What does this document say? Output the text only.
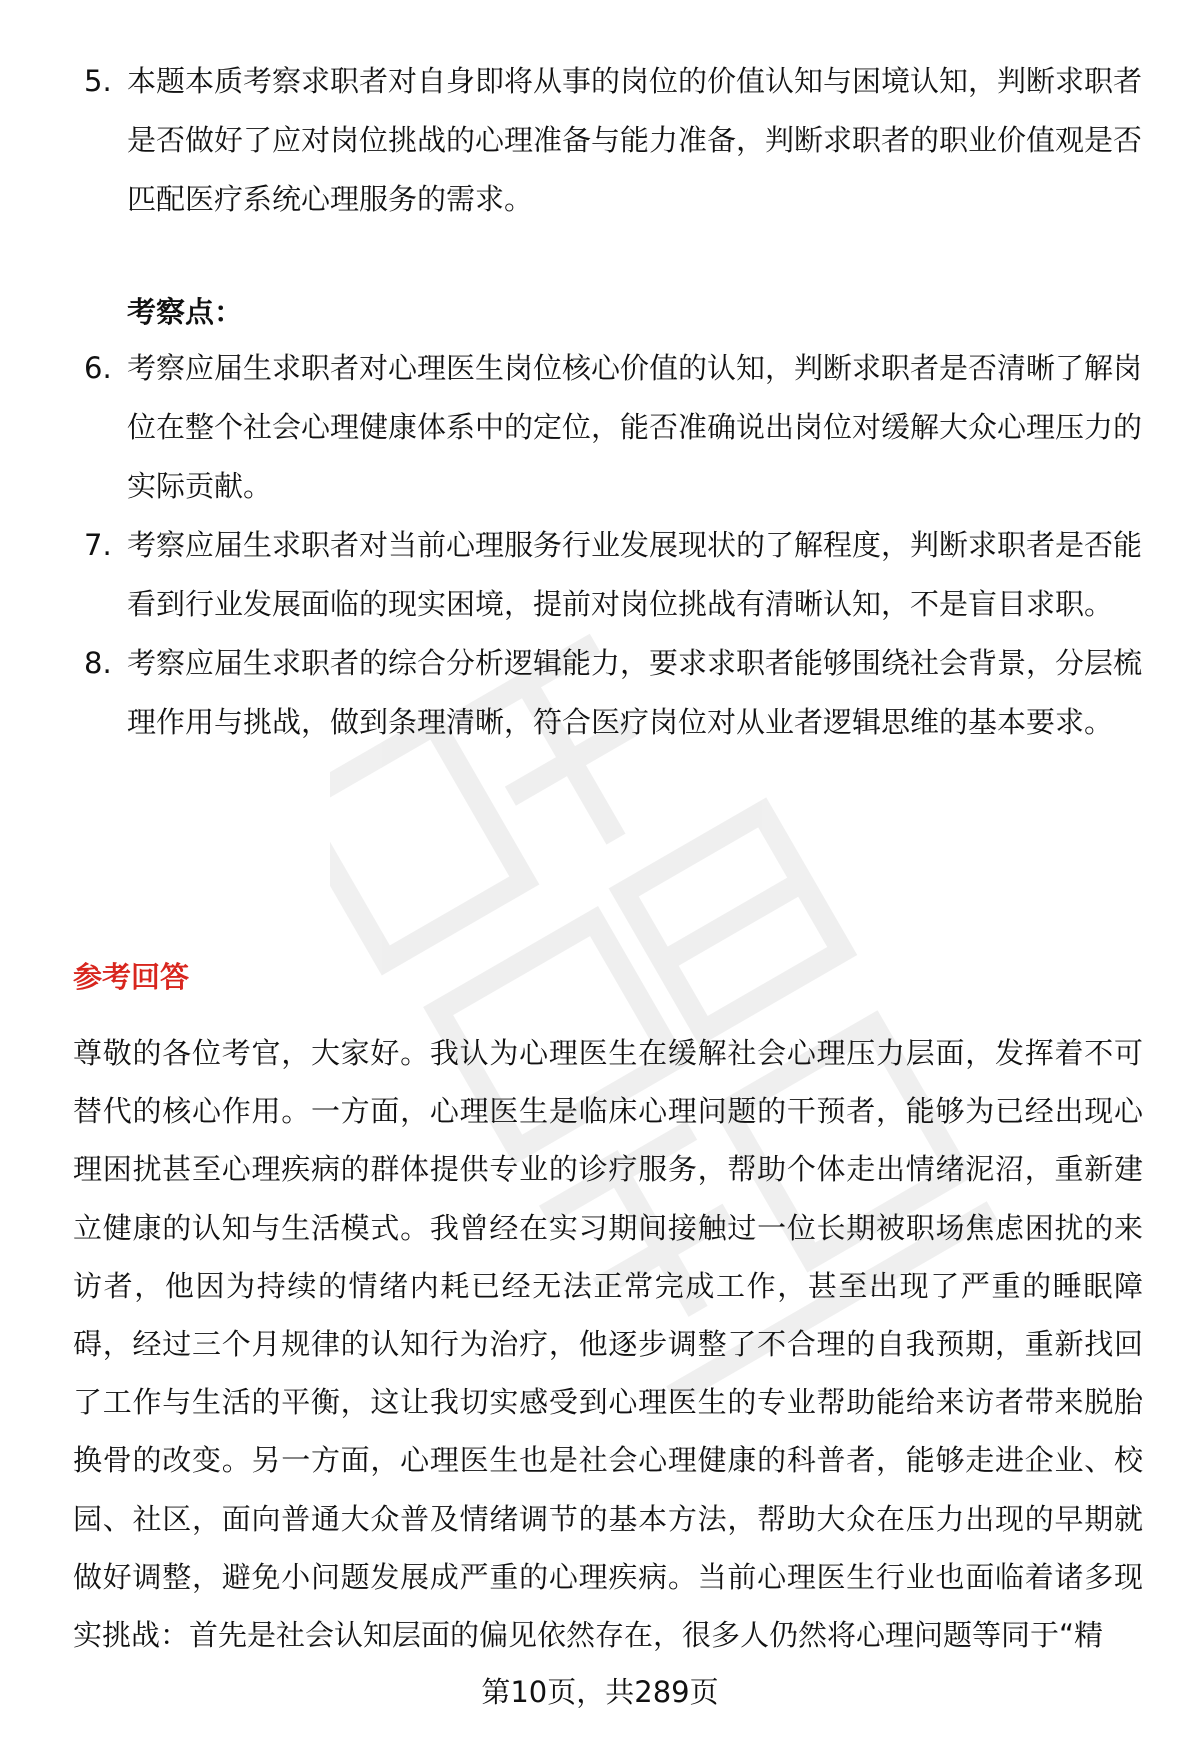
5. 本题本质考察求职者对自身即将从事的岗位的价值认知与困境认知，判断求职者是否做好了应对岗位挑战的心理准备与能力准备，判断求职者的职业价值观是否匹配医疗系统心理服务的需求。
考察点：
6. 考察应届生求职者对心理医生岗位核心价值的认知，判断求职者是否清晰了解岗位在整个社会心理健康体系中的定位，能否准确说出岗位对缓解大众心理压力的实际贡献。
7. 考察应届生求职者对当前心理服务行业发展现状的了解程度，判断求职者是否能看到行业发展面临的现实困境，提前对岗位挑战有清晰认知，不是盲目求职。
8. 考察应届生求职者的综合分析逻辑能力，要求求职者能够围绕社会背景，分层梳理作用与挑战，做到条理清晰，符合医疗岗位对从业者逻辑思维的基本要求。
参考回答

尊敬的各位考官，大家好。我认为心理医生在缓解社会心理压力层面，发挥着不可替代的核心作用。一方面，心理医生是临床心理问题的干预者，能够为已经出现心理困扰甚至心理疾病的群体提供专业的诊疗服务，帮助个体走出情绪泥沼，重新建立健康的认知与生活模式。我曾经在实习期间接触过一位长期被职场焦虑困扰的来访者，他因为持续的情绪内耗已经无法正常完成工作，甚至出现了严重的睡眠障碍，经过三个月规律的认知行为治疗，他逐步调整了不合理的自我预期，重新找回了工作与生活的平衡，这让我切实感受到心理医生的专业帮助能给来访者带来脱胎换骨的改变。另一方面，心理医生也是社会心理健康的科普者，能够走进企业、校园、社区，面向普通大众普及情绪调节的基本方法，帮助大众在压力出现的早期就做好调整，避免小问题发展成严重的心理疾病。当前心理医生行业也面临着诸多现实挑战：首先是社会认知层面的偏见依然存在，很多人仍然将心理问题等同于“精

第10页，共289页
